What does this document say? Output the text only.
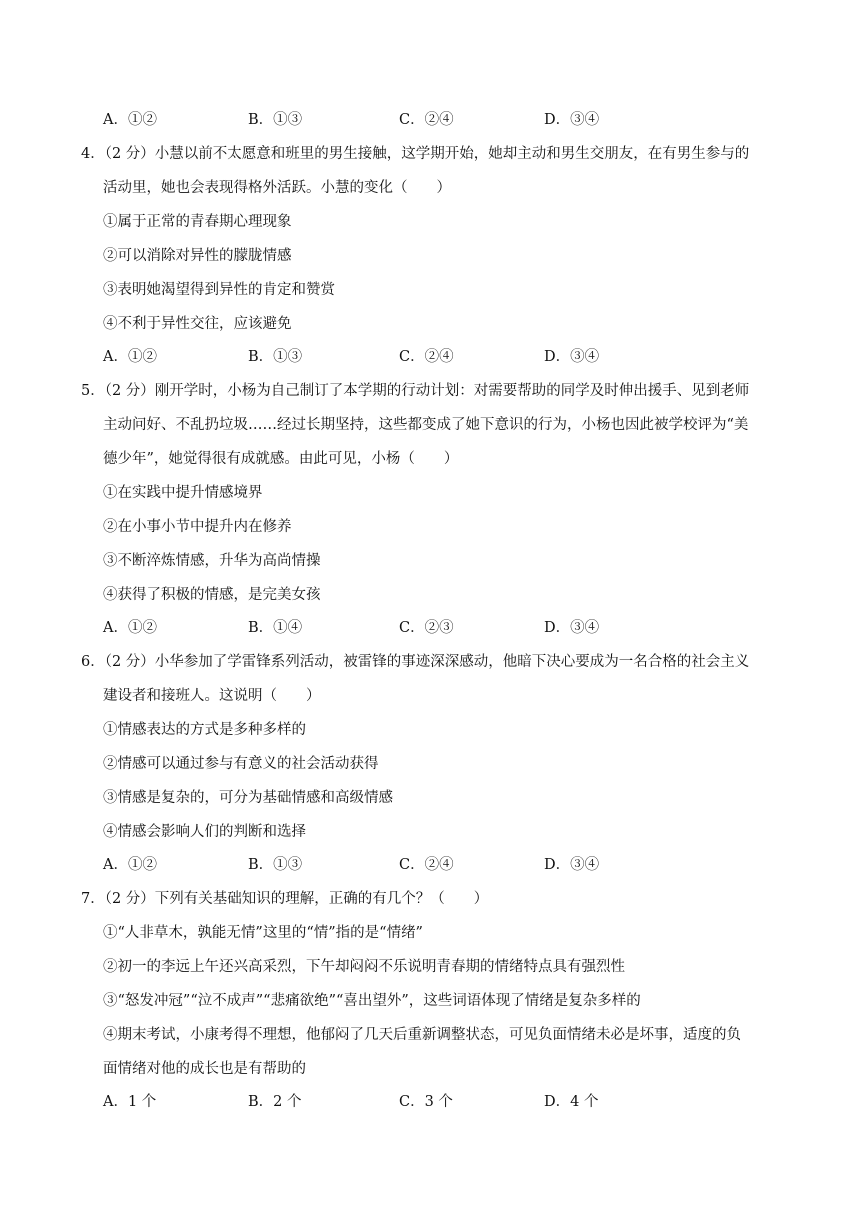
A．①②	B．①③	C．②④	D．③④
4．（2 分）小慧以前不太愿意和班里的男生接触，这学期开始，她却主动和男生交朋友，在有男生参与的
活动里，她也会表现得格外活跃。小慧的变化（　　）
①属于正常的青春期心理现象
②可以消除对异性的朦胧情感
③表明她渴望得到异性的肯定和赞赏
④不利于异性交往，应该避免
A．①②	B．①③	C．②④	D．③④
5．（2 分）刚开学时，小杨为自己制订了本学期的行动计划：对需要帮助的同学及时伸出援手、见到老师
主动问好、不乱扔垃圾……经过长期坚持，这些都变成了她下意识的行为，小杨也因此被学校评为“美
德少年”，她觉得很有成就感。由此可见，小杨（　　）
①在实践中提升情感境界
②在小事小节中提升内在修养
③不断淬炼情感，升华为高尚情操
④获得了积极的情感，是完美女孩
A．①②	B．①④	C．②③	D．③④
6．（2 分）小华参加了学雷锋系列活动，被雷锋的事迹深深感动，他暗下决心要成为一名合格的社会主义
建设者和接班人。这说明（　　）
①情感表达的方式是多种多样的
②情感可以通过参与有意义的社会活动获得
③情感是复杂的，可分为基础情感和高级情感
④情感会影响人们的判断和选择
A．①②	B．①③	C．②④	D．③④
7．（2 分）下列有关基础知识的理解，正确的有几个？（　　）
①“人非草木，孰能无情”这里的“情”指的是“情绪”
②初一的李远上午还兴高采烈，下午却闷闷不乐说明青春期的情绪特点具有强烈性
③“怒发冲冠”“泣不成声”“悲痛欲绝”“喜出望外”，这些词语体现了情绪是复杂多样的
④期末考试，小康考得不理想，他郁闷了几天后重新调整状态，可见负面情绪未必是坏事，适度的负
面情绪对他的成长也是有帮助的
A．1 个	B．2 个	C．3 个	D．4 个
